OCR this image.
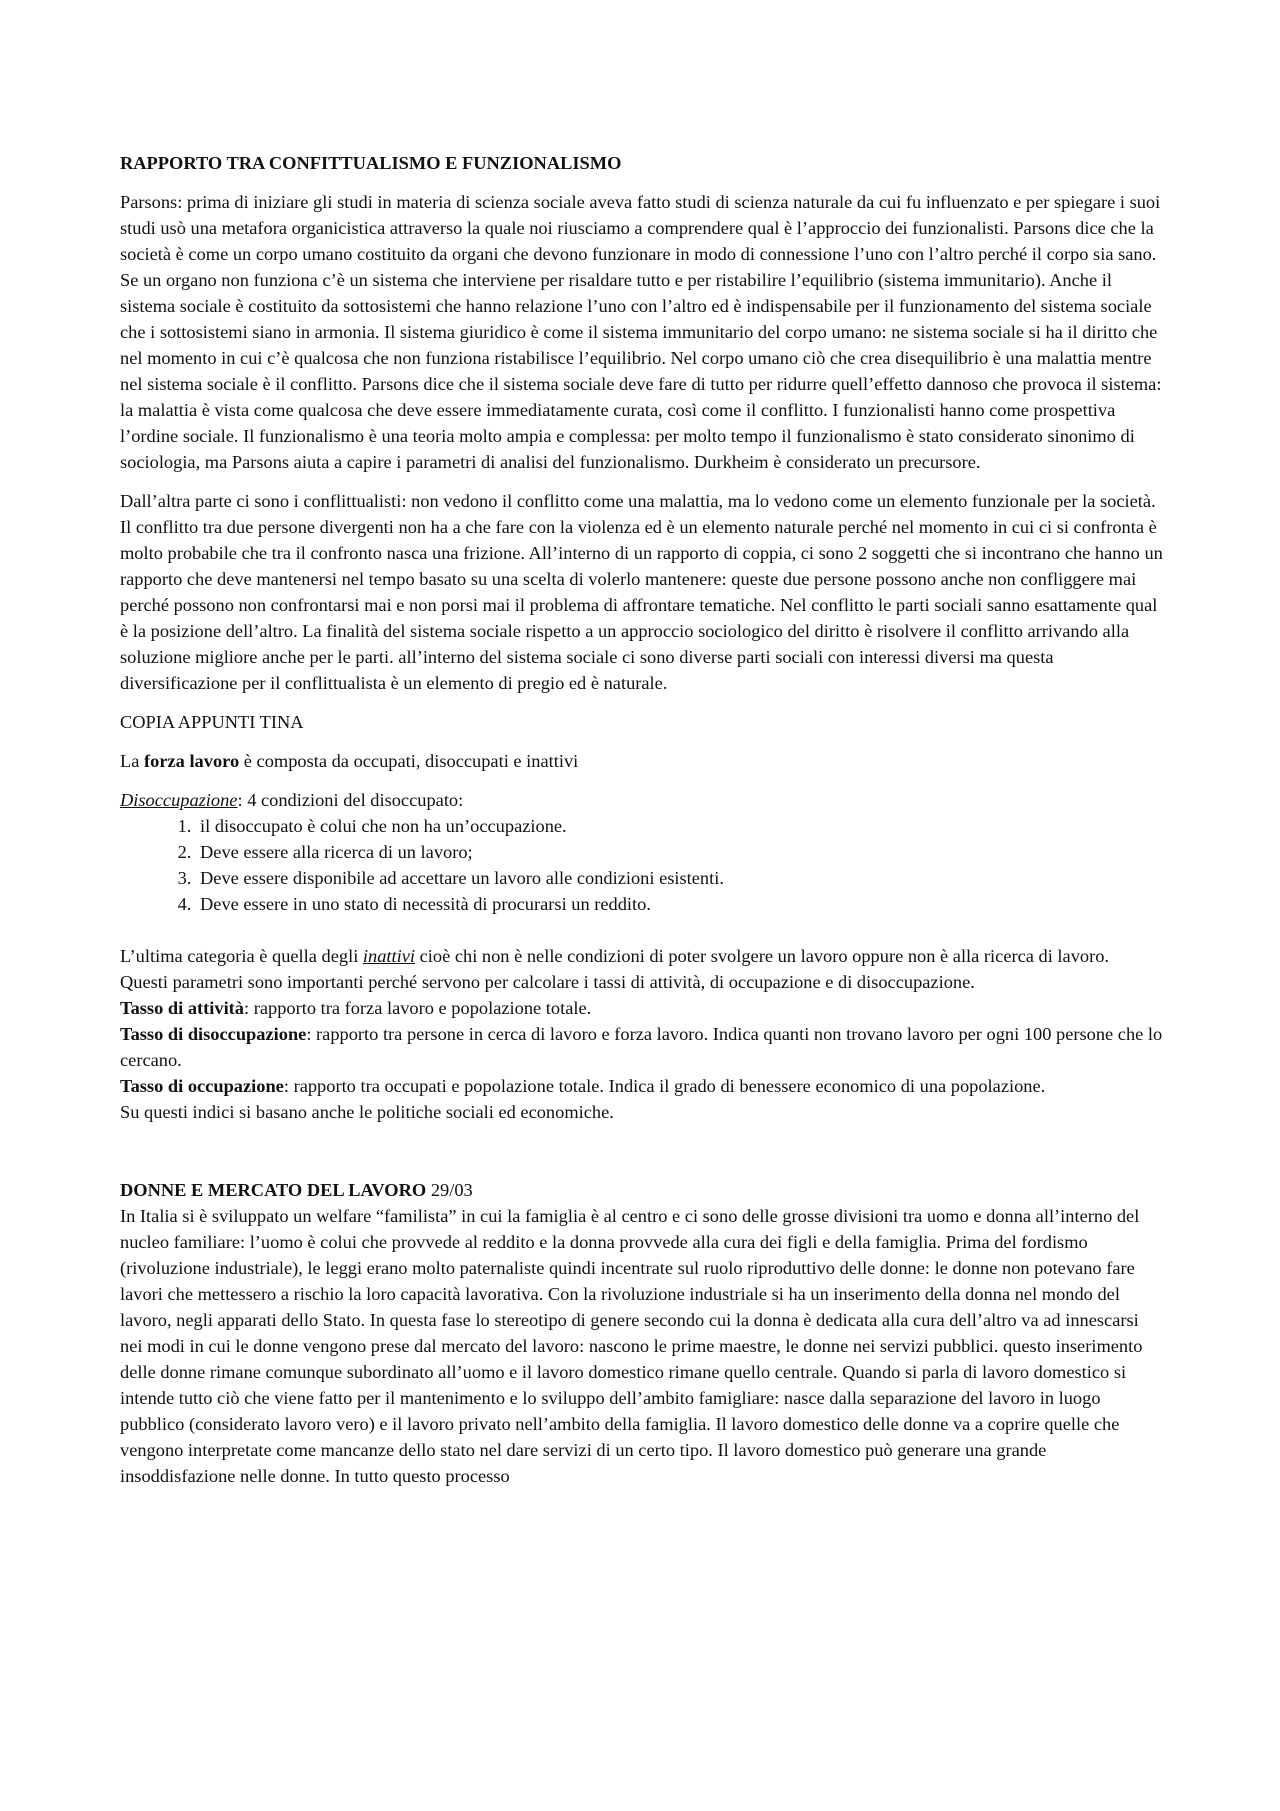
RAPPORTO TRA CONFITTUALISMO E FUNZIONALISMO

Parsons: prima di iniziare gli studi in materia di scienza sociale aveva fatto studi di scienza naturale da cui fu influenzato e per spiegare i suoi studi usò una metafora organicistica attraverso la quale noi riusciamo a comprendere qual è l’approccio dei funzionalisti. Parsons dice che la società è come un corpo umano costituito da organi che devono funzionare in modo di connessione l’uno con l’altro perché il corpo sia sano. Se un organo non funziona c’è un sistema che interviene per risaldare tutto e per ristabilire l’equilibrio (sistema immunitario). Anche il sistema sociale è costituito da sottosistemi che hanno relazione l’uno con l’altro ed è indispensabile per il funzionamento del sistema sociale che i sottosistemi siano in armonia. Il sistema giuridico è come il sistema immunitario del corpo umano: ne sistema sociale si ha il diritto che nel momento in cui c’è qualcosa che non funziona ristabilisce l’equilibrio. Nel corpo umano ciò che crea disequilibrio è una malattia mentre nel sistema sociale è il conflitto. Parsons dice che il sistema sociale deve fare di tutto per ridurre quell’effetto dannoso che provoca il sistema: la malattia è vista come qualcosa che deve essere immediatamente curata, così come il conflitto. I funzionalisti hanno come prospettiva l’ordine sociale. Il funzionalismo è una teoria molto ampia e complessa: per molto tempo il funzionalismo è stato considerato sinonimo di sociologia, ma Parsons aiuta a capire i parametri di analisi del funzionalismo. Durkheim è considerato un precursore.

Dall’altra parte ci sono i conflittualisti: non vedono il conflitto come una malattia, ma lo vedono come un elemento funzionale per la società. Il conflitto tra due persone divergenti non ha a che fare con la violenza ed è un elemento naturale perché nel momento in cui ci si confronta è molto probabile che tra il confronto nasca una frizione. All’interno di un rapporto di coppia, ci sono 2 soggetti che si incontrano che hanno un rapporto che deve mantenersi nel tempo basato su una scelta di volerlo mantenere: queste due persone possono anche non confliggere mai perché possono non confrontarsi mai e non porsi mai il problema di affrontare tematiche. Nel conflitto le parti sociali sanno esattamente qual è la posizione dell’altro. La finalità del sistema sociale rispetto a un approccio sociologico del diritto è risolvere il conflitto arrivando alla soluzione migliore anche per le parti. all’interno del sistema sociale ci sono diverse parti sociali con interessi diversi ma questa diversificazione per il conflittualista è un elemento di pregio ed è naturale.

COPIA APPUNTI TINA

La forza lavoro è composta da occupati, disoccupati e inattivi

Disoccupazione: 4 condizioni del disoccupato:

1. il disoccupato è colui che non ha un’occupazione.
2. Deve essere alla ricerca di un lavoro;
3. Deve essere disponibile ad accettare un lavoro alle condizioni esistenti.
4. Deve essere in uno stato di necessità di procurarsi un reddito.

L’ultima categoria è quella degli inattivi cioè chi non è nelle condizioni di poter svolgere un lavoro oppure non è alla ricerca di lavoro.

Questi parametri sono importanti perché servono per calcolare i tassi di attività, di occupazione e di disoccupazione.

Tasso di attività: rapporto tra forza lavoro e popolazione totale.

Tasso di disoccupazione: rapporto tra persone in cerca di lavoro e forza lavoro. Indica quanti non trovano lavoro per ogni 100 persone che lo cercano.

Tasso di occupazione: rapporto tra occupati e popolazione totale. Indica il grado di benessere economico di una popolazione.

Su questi indici si basano anche le politiche sociali ed economiche.

DONNE E MERCATO DEL LAVORO 29/03

In Italia si è sviluppato un welfare “familista” in cui la famiglia è al centro e ci sono delle grosse divisioni tra uomo e donna all’interno del nucleo familiare: l’uomo è colui che provvede al reddito e la donna provvede alla cura dei figli e della famiglia. Prima del fordismo (rivoluzione industriale), le leggi erano molto paternaliste quindi incentrate sul ruolo riproduttivo delle donne: le donne non potevano fare lavori che mettessero a rischio la loro capacità lavorativa. Con la rivoluzione industriale si ha un inserimento della donna nel mondo del lavoro, negli apparati dello Stato. In questa fase lo stereotipo di genere secondo cui la donna è dedicata alla cura dell’altro va ad innescarsi nei modi in cui le donne vengono prese dal mercato del lavoro: nascono le prime maestre, le donne nei servizi pubblici. questo inserimento delle donne rimane comunque subordinato all’uomo e il lavoro domestico rimane quello centrale. Quando si parla di lavoro domestico si intende tutto ciò che viene fatto per il mantenimento e lo sviluppo dell’ambito famigliare: nasce dalla separazione del lavoro in luogo pubblico (considerato lavoro vero) e il lavoro privato nell’ambito della famiglia. Il lavoro domestico delle donne va a coprire quelle che vengono interpretate come mancanze dello stato nel dare servizi di un certo tipo. Il lavoro domestico può generare una grande insoddisfazione nelle donne. In tutto questo processo
